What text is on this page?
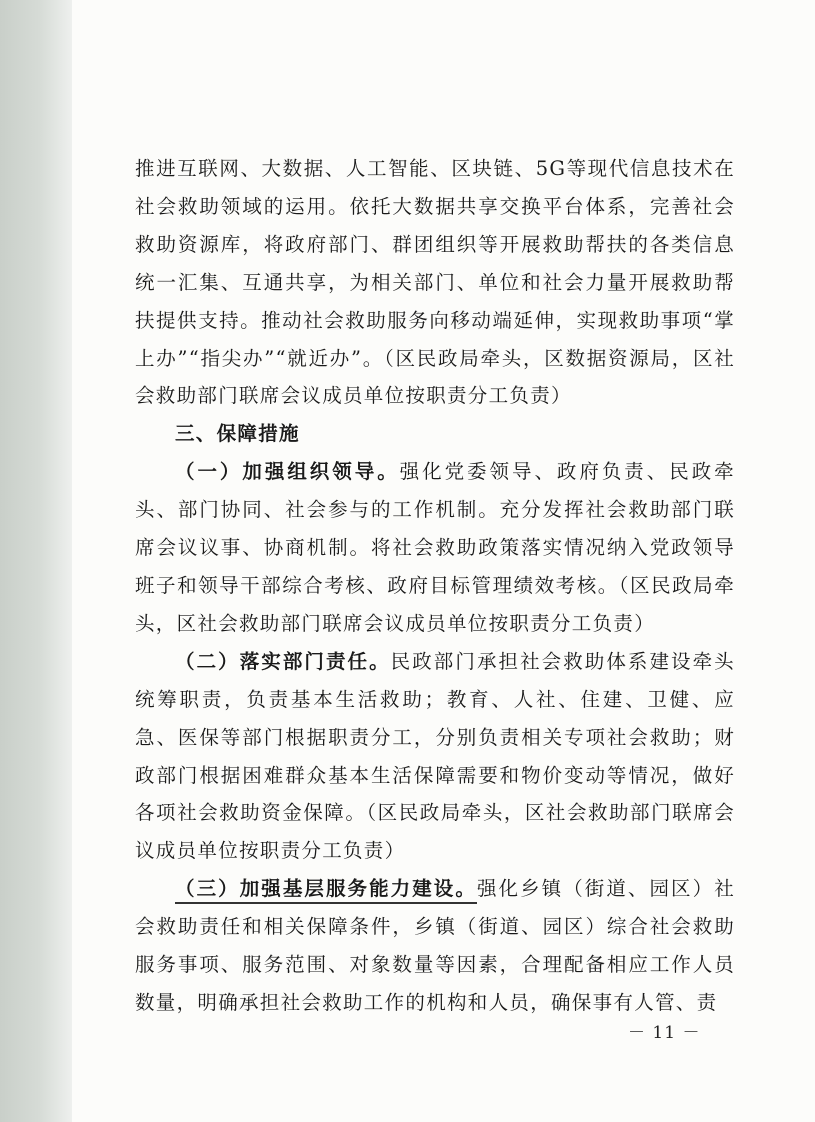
推进互联网、大数据、人工智能、区块链、5G等现代信息技术在社会救助领域的运用。依托大数据共享交换平台体系，完善社会救助资源库，将政府部门、群团组织等开展救助帮扶的各类信息统一汇集、互通共享，为相关部门、单位和社会力量开展救助帮扶提供支持。推动社会救助服务向移动端延伸，实现救助事项“掌上办”“指尖办”“就近办”。（区民政局牵头，区数据资源局，区社会救助部门联席会议成员单位按职责分工负责）

三、保障措施

（一）加强组织领导。强化党委领导、政府负责、民政牵头、部门协同、社会参与的工作机制。充分发挥社会救助部门联席会议议事、协商机制。将社会救助政策落实情况纳入党政领导班子和领导干部综合考核、政府目标管理绩效考核。（区民政局牵头，区社会救助部门联席会议成员单位按职责分工负责）

（二）落实部门责任。民政部门承担社会救助体系建设牵头统筹职责，负责基本生活救助；教育、人社、住建、卫健、应急、医保等部门根据职责分工，分别负责相关专项社会救助；财政部门根据困难群众基本生活保障需要和物价变动等情况，做好各项社会救助资金保障。（区民政局牵头，区社会救助部门联席会议成员单位按职责分工负责）

（三）加强基层服务能力建设。强化乡镇（街道、园区）社会救助责任和相关保障条件，乡镇（街道、园区）综合社会救助服务事项、服务范围、对象数量等因素，合理配备相应工作人员数量，明确承担社会救助工作的机构和人员，确保事有人管、责

－ 11 －
